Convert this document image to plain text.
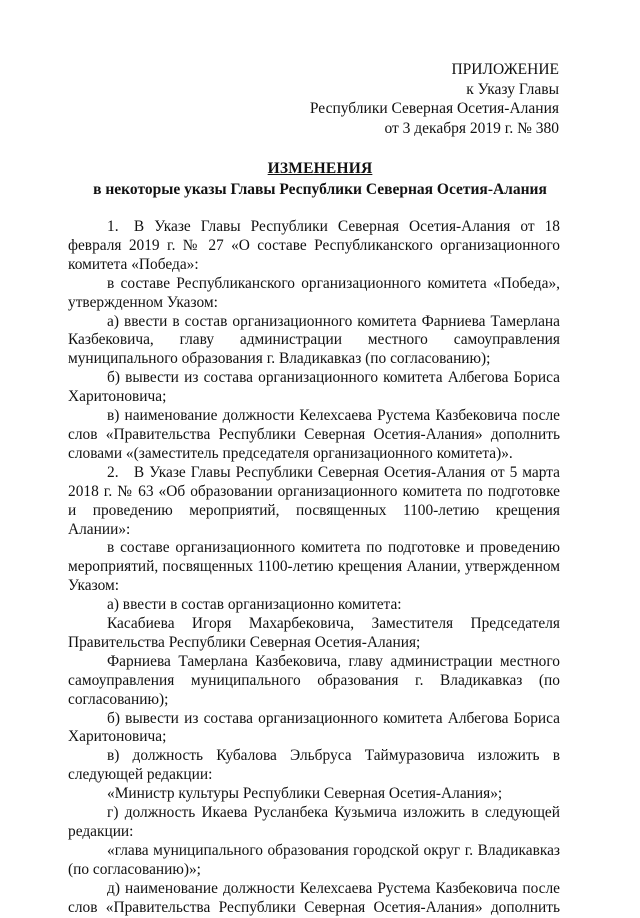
ПРИЛОЖЕНИЕ
к Указу Главы
Республики Северная Осетия-Алания
от 3 декабря 2019 г. № 380
ИЗМЕНЕНИЯ
в некоторые указы Главы Республики Северная Осетия-Алания

1. В Указе Главы Республики Северная Осетия-Алания от 18 февраля 2019 г. № 27 «О составе Республиканского организационного комитета «Победа»:

в составе Республиканского организационного комитета «Победа», утвержденном Указом:

а) ввести в состав организационного комитета Фарниева Тамерлана Казбековича, главу администрации местного самоуправления муниципального образования г. Владикавказ (по согласованию);

б) вывести из состава организационного комитета Албегова Бориса Харитоновича;

в) наименование должности Келехсаева Рустема Казбековича после слов «Правительства Республики Северная Осетия-Алания» дополнить словами «(заместитель председателя организационного комитета)».

2. В Указе Главы Республики Северная Осетия-Алания от 5 марта 2018 г. № 63 «Об образовании организационного комитета по подготовке и проведению мероприятий, посвященных 1100-летию крещения Алании»:

в составе организационного комитета по подготовке и проведению мероприятий, посвященных 1100-летию крещения Алании, утвержденном Указом:

а) ввести в состав организационно комитета:

Касабиева Игоря Махарбековича, Заместителя Председателя Правительства Республики Северная Осетия-Алания;

Фарниева Тамерлана Казбековича, главу администрации местного самоуправления муниципального образования г. Владикавказ (по согласованию);

б) вывести из состава организационного комитета Албегова Бориса Харитоновича;

в) должность Кубалова Эльбруса Таймуразовича изложить в следующей редакции:

«Министр культуры Республики Северная Осетия-Алания»;

г) должность Икаева Русланбека Кузьмича изложить в следующей редакции:

«глава муниципального образования городской округ г. Владикавказ (по согласованию)»;

д) наименование должности Келехсаева Рустема Казбековича после слов «Правительства Республики Северная Осетия-Алания» дополнить
